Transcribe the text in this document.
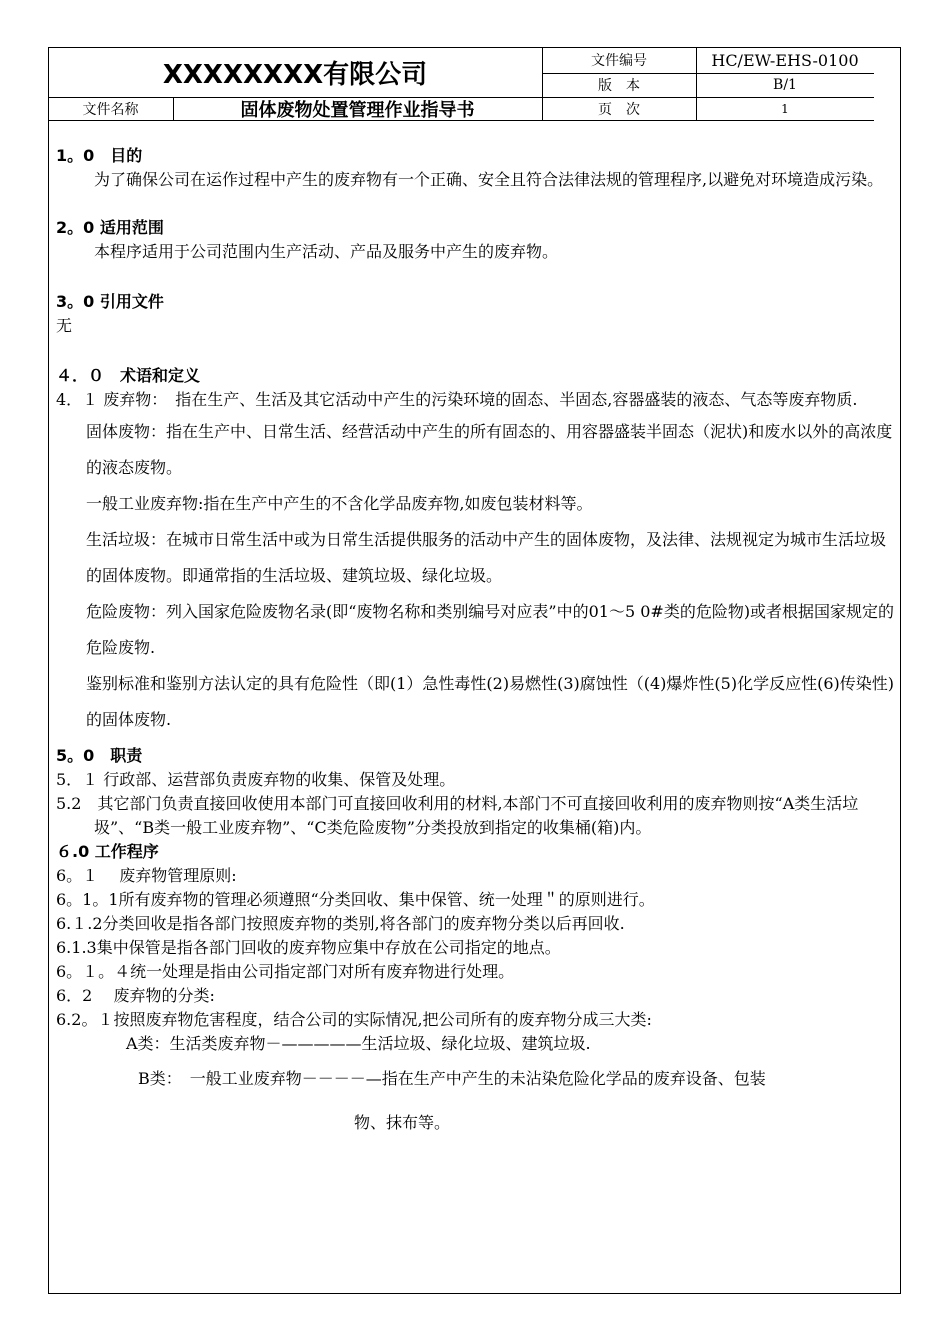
XXXXXXXX有限公司	文件编号	HC/EW-EHS-0100
版　本	B/1
文件名称	固体废物处置管理作业指导书	页　次	1

1。0　目的

为了确保公司在运作过程中产生的废弃物有一个正确、安全且符合法律法规的管理程序,以避免对环境造成污染。

2。0 适用范围

本程序适用于公司范围内生产活动、产品及服务中产生的废弃物。

3。0 引用文件

无

４．０　术语和定义

4．１ 废弃物：　指在生产、生活及其它活动中产生的污染环境的固态、半固态,容器盛装的液态、气态等废弃物质.

固体废物：指在生产中、日常生活、经营活动中产生的所有固态的、用容器盛装半固态（泥状)和废水以外的高浓度的液态废物。

一般工业废弃物:指在生产中产生的不含化学品废弃物,如废包装材料等。

生活垃圾：在城市日常生活中或为日常生活提供服务的活动中产生的固体废物，及法律、法规视定为城市生活垃圾的固体废物。即通常指的生活垃圾、建筑垃圾、绿化垃圾。

危险废物：列入国家危险废物名录(即“废物名称和类别编号对应表”中的01～5 0#类的危险物)或者根据国家规定的危险废物.

鉴别标准和鉴别方法认定的具有危险性（即(1）急性毒性(2)易燃性(3)腐蚀性（(4)爆炸性(5)化学反应性(6)传染性)的固体废物.

5。0　职责

5．１ 行政部、运营部负责废弃物的收集、保管及处理。

5.2　其它部门负责直接回收使用本部门可直接回收利用的材料,本部门不可直接回收利用的废弃物则按“A类生活垃圾”、“B类一般工业废弃物”、“C类危险废物”分类投放到指定的收集桶(箱)内。

６.0 工作程序

6。１　 废弃物管理原则:

6。1。1所有废弃物的管理必须遵照“分类回收、集中保管、统一处理＂的原则进行。

6.１.2分类回收是指各部门按照废弃物的类别,将各部门的废弃物分类以后再回收.

6.1.3集中保管是指各部门回收的废弃物应集中存放在公司指定的地点。

6。１。４统一处理是指由公司指定部门对所有废弃物进行处理。

6．2　 废弃物的分类:

6.2。１按照废弃物危害程度，结合公司的实际情况,把公司所有的废弃物分成三大类:

A类：生活类废弃物－—————生活垃圾、绿化垃圾、建筑垃圾.

B类：　一般工业废弃物－－－－—指在生产中产生的未沾染危险化学品的废弃设备、包装

物、抹布等。
